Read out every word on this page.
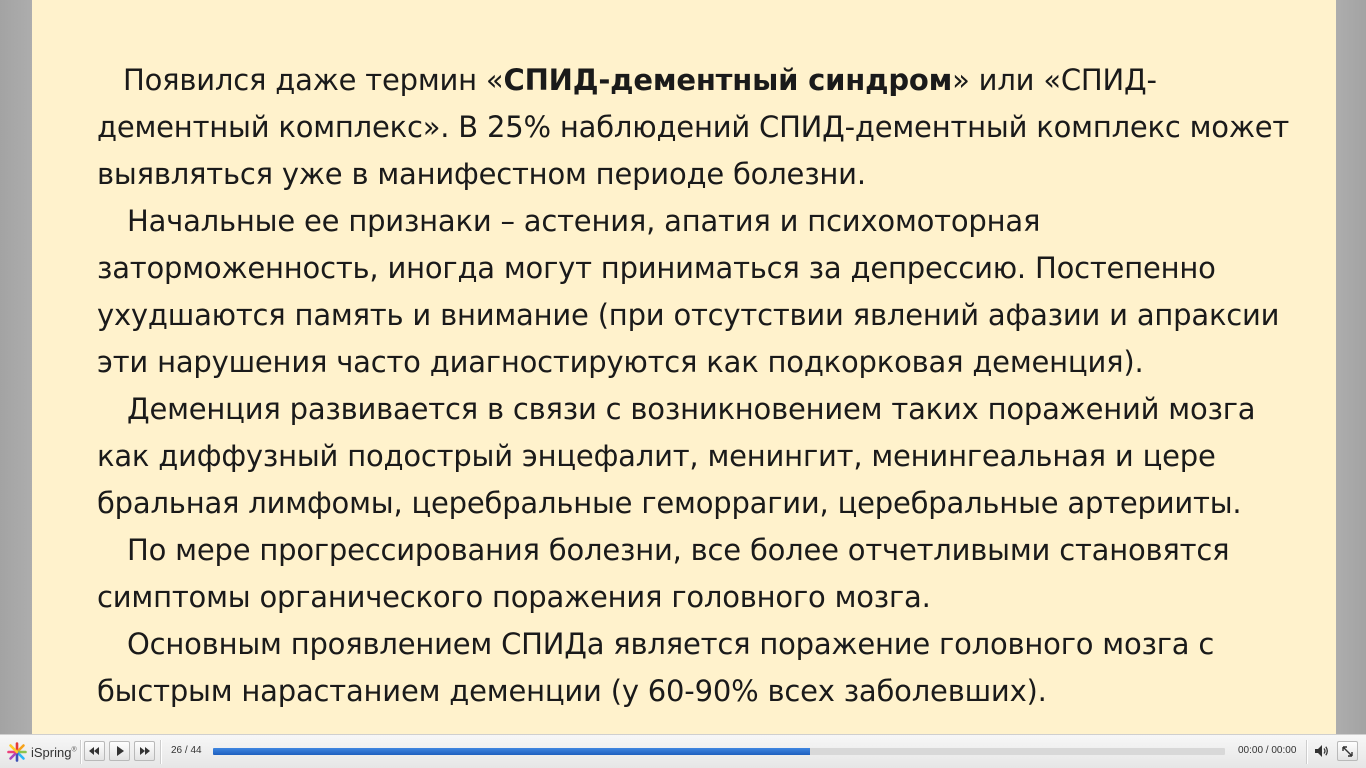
Появился даже термин «СПИД-дементный синдром» или «СПИД-дементный комплекс». В 25% наблюдений СПИД-дементный комплекс может выявляться уже в манифестном периоде болезни.

Начальные ее признаки – астения, апатия и психомоторная заторможенность, иногда могут приниматься за депрессию. Постепенно ухудшаются память и внимание (при отсутствии явлений афазии и апраксии эти нарушения часто диагностируются как подкорковая деменция).

Деменция развивается в связи с возникновением таких поражений мозга как диффузный подострый энцефалит, менингит, менингеальная и цере бральная лимфомы, церебральные геморрагии, церебральные артерииты.

По мере прогрессирования болезни, все более отчетливыми становятся симптомы органического поражения головного мозга.

Основным проявлением СПИДа является поражение головного мозга с быстрым нарастанием деменции (у 60-90% всех заболевших).

iSpring®	26 / 44	00:00 / 00:00
